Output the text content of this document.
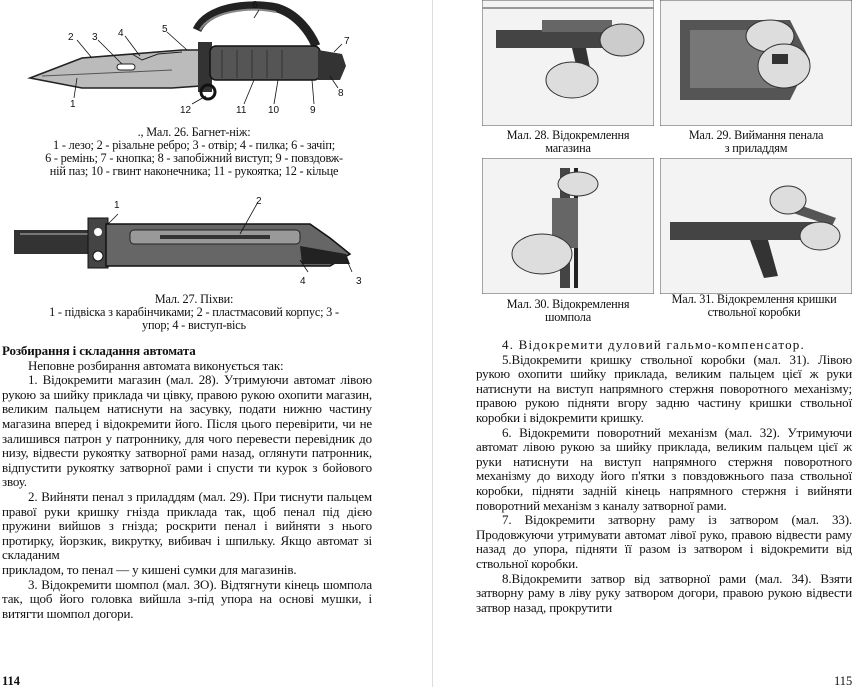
1
2 3 4	5
6
7
8
9
10
11
12
., Мал. 26. Багнет-ніж:
1 - лезо; 2 - різальне ребро; 3 - отвір; 4 - пилка; 6 - зачіп;
6 - ремінь; 7 - кнопка; 8 - запобіжний виступ; 9 - повздовж-
ній паз; 10 - гвинт наконечника; 11 - рукоятка; 12 - кільце
1	2
3
4
Мал. 27. Піхви:
1 - підвіска з карабінчиками; 2 - пластмасовий корпус; 3 -
упор; 4 - виступ-вісь

Розбирання і складання автомата

Неповне розбирання автомата виконується так:

1. Відокремити магазин (мал. 28). Утримуючи автомат лівою рукою за шийку приклада чи цівку, правою рукою охопити магазин, великим пальцем натиснути на засувку, подати нижню частину магазина вперед і відокремити його. Після цього перевірити, чи не залишився патрон у патроннику, для чого перевести перевідник до низу, відвести рукоятку затворної рами назад, оглянути патронник, відпустити рукоятку затворної рами і спусти ти курок з бойового звоу.

2. Вийняти пенал з приладдям (мал. 29). При тиснути пальцем правої руки кришку гнізда приклада так, щоб пенал під дією пружини вийшов з гнізда; роскрити пенал і вийняти з нього протирку, йорзкик, викрутку, вибивач і шпильку. Якщо автомат зі складаним

прикладом, то пенал — у кишені сумки для магазинів.

3. Відокремити шомпол (мал. ЗО). Відтягнути кінець шомпола так, щоб його головка вийшла з-під упора на основі мушки, і витягти шомпол догори.

114
Мал. 28. Відокремлення
магазина
Мал. 29. Виймання пенала
з приладдям
Мал. 30. Відокремлення
шомпола
Мал. 31. Відокремлення кришки
ствольної коробки

4. Відокремити дуловий гальмо-компенсатор.

5.Відокремити кришку ствольної коробки (мал. 31). Лівою рукою охопити шийку приклада, великим пальцем цієї ж руки натиснути на виступ напрямного стержня поворотного механізму; правою рукою підняти вгору задню частину кришки ствольної коробки і відокремити кришку.

6. Відокремити поворотний механізм (мал. 32). Утримуючи автомат лівою рукою за шийку приклада, великим пальцем цієї ж руки натиснути на виступ напрямного стержня поворотного механізму до виходу його п'ятки з повздовжнього паза ствольної коробки, підняти задній кінець напрямного стержня і вийняти поворотний механізм з каналу затворної рами.

7. Відокремити затворну раму із затвором (мал. 33). Продовжуючи утримувати автомат лівої руко, правою відвести раму назад до упора, підняти її разом із затвором і відокремити від ствольної коробки.

8.Відокремити затвор від затворної рами (мал. 34). Взяти затворну раму в ліву руку затвором догори, правою рукою відвести затвор назад, прокрутити

115
